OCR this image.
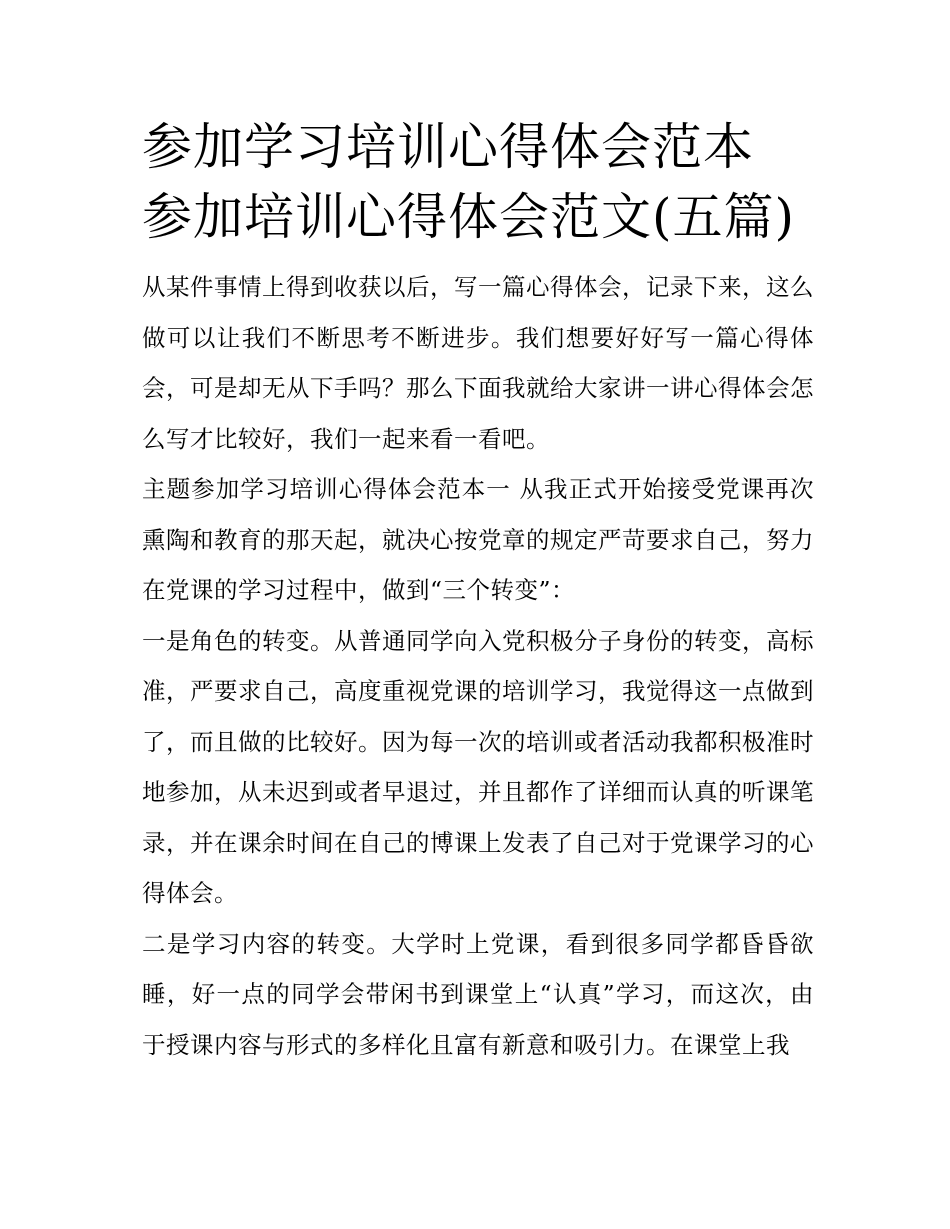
参加学习培训心得体会范本 参加培训心得体会范文(五篇)

从某件事情上得到收获以后，写一篇心得体会，记录下来，这么做可以让我们不断思考不断进步。我们想要好好写一篇心得体会，可是却无从下手吗？那么下面我就给大家讲一讲心得体会怎么写才比较好，我们一起来看一看吧。

主题参加学习培训心得体会范本一 从我正式开始接受党课再次熏陶和教育的那天起，就决心按党章的规定严苛要求自己，努力在党课的学习过程中，做到“三个转变”：

一是角色的转变。从普通同学向入党积极分子身份的转变，高标准，严要求自己，高度重视党课的培训学习，我觉得这一点做到了，而且做的比较好。因为每一次的培训或者活动我都积极准时地参加，从未迟到或者早退过，并且都作了详细而认真的听课笔录，并在课余时间在自己的博课上发表了自己对于党课学习的心得体会。

二是学习内容的转变。大学时上党课，看到很多同学都昏昏欲睡，好一点的同学会带闲书到课堂上“认真”学习，而这次，由于授课内容与形式的多样化且富有新意和吸引力。在课堂上我
